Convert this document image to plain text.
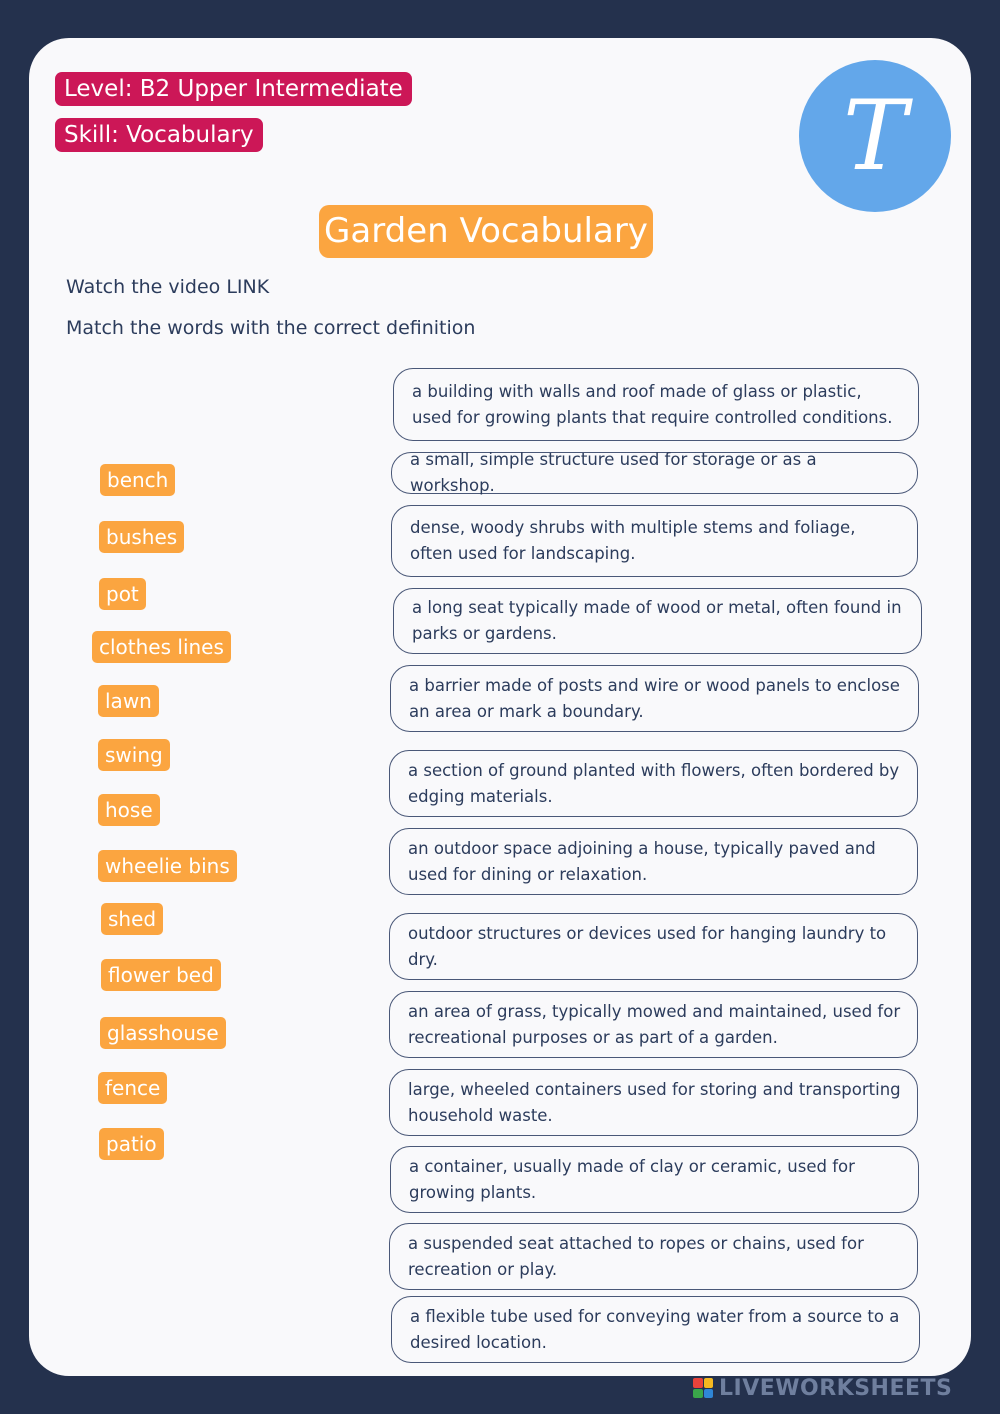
Level: B2 Upper Intermediate
Skill: Vocabulary	T
Garden Vocabulary
Watch the video LINK
Match the words with the correct definition
bench
bushes
pot
clothes lines
lawn
swing
hose
wheelie bins
shed
flower bed
glasshouse
fence
patio
a building with walls and roof made of glass or plastic, used for growing plants that require controlled conditions.
a small, simple structure used for storage or as a workshop.
dense, woody shrubs with multiple stems and foliage, often used for landscaping.
a long seat typically made of wood or metal, often found in parks or gardens.
a barrier made of posts and wire or wood panels to enclose an area or mark a boundary.
a section of ground planted with flowers, often bordered by edging materials.
an outdoor space adjoining a house, typically paved and used for dining or relaxation.
outdoor structures or devices used for hanging laundry to dry.
an area of grass, typically mowed and maintained, used for recreational purposes or as part of a garden.
large, wheeled containers used for storing and transporting household waste.
a container, usually made of clay or ceramic, used for growing plants.
a suspended seat attached to ropes or chains, used for recreation or play.
a flexible tube used for conveying water from a source to a desired location.
LIVEWORKSHEETS
